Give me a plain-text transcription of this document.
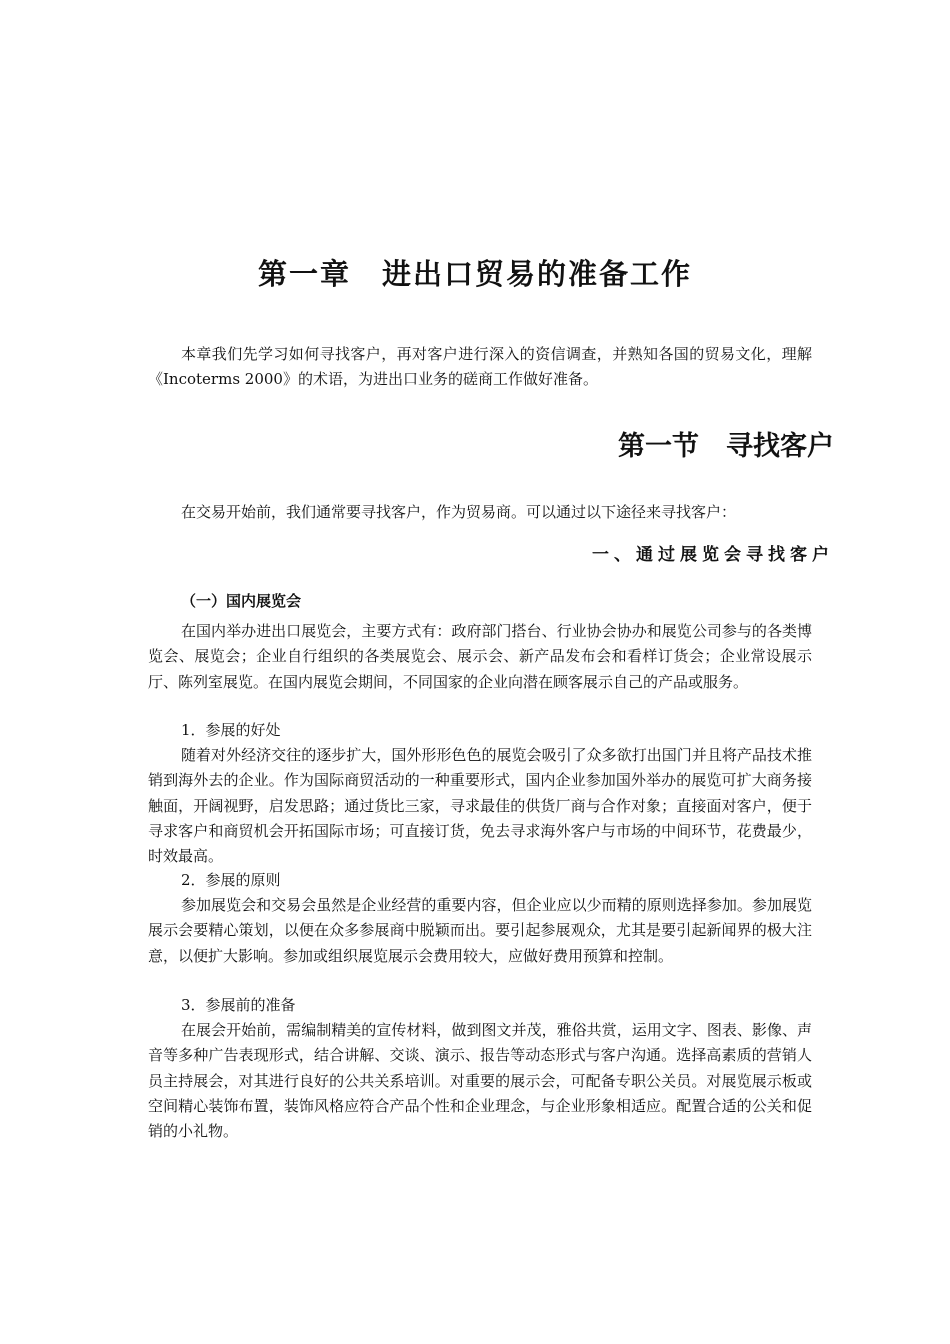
第一章　进出口贸易的准备工作

本章我们先学习如何寻找客户，再对客户进行深入的资信调查，并熟知各国的贸易文化，理解《Incoterms 2000》的术语，为进出口业务的磋商工作做好准备。

第一节　寻找客户

在交易开始前，我们通常要寻找客户，作为贸易商。可以通过以下途径来寻找客户：

一、通过展览会寻找客户
（一）国内展览会

在国内举办进出口展览会，主要方式有：政府部门搭台、行业协会协办和展览公司参与的各类博览会、展览会；企业自行组织的各类展览会、展示会、新产品发布会和看样订货会；企业常设展示厅、陈列室展览。在国内展览会期间，不同国家的企业向潜在顾客展示自己的产品或服务。

1．参展的好处

随着对外经济交往的逐步扩大，国外形形色色的展览会吸引了众多欲打出国门并且将产品技术推销到海外去的企业。作为国际商贸活动的一种重要形式，国内企业参加国外举办的展览可扩大商务接触面，开阔视野，启发思路；通过货比三家，寻求最佳的供货厂商与合作对象；直接面对客户，便于寻求客户和商贸机会开拓国际市场；可直接订货，免去寻求海外客户与市场的中间环节，花费最少，时效最高。

2．参展的原则

参加展览会和交易会虽然是企业经营的重要内容，但企业应以少而精的原则选择参加。参加展览展示会要精心策划，以便在众多参展商中脱颖而出。要引起参展观众，尤其是要引起新闻界的极大注意，以便扩大影响。参加或组织展览展示会费用较大，应做好费用预算和控制。

3．参展前的准备

在展会开始前，需编制精美的宣传材料，做到图文并茂，雅俗共赏，运用文字、图表、影像、声音等多种广告表现形式，结合讲解、交谈、演示、报告等动态形式与客户沟通。选择高素质的营销人员主持展会，对其进行良好的公共关系培训。对重要的展示会，可配备专职公关员。对展览展示板或空间精心装饰布置，装饰风格应符合产品个性和企业理念，与企业形象相适应。配置合适的公关和促销的小礼物。
